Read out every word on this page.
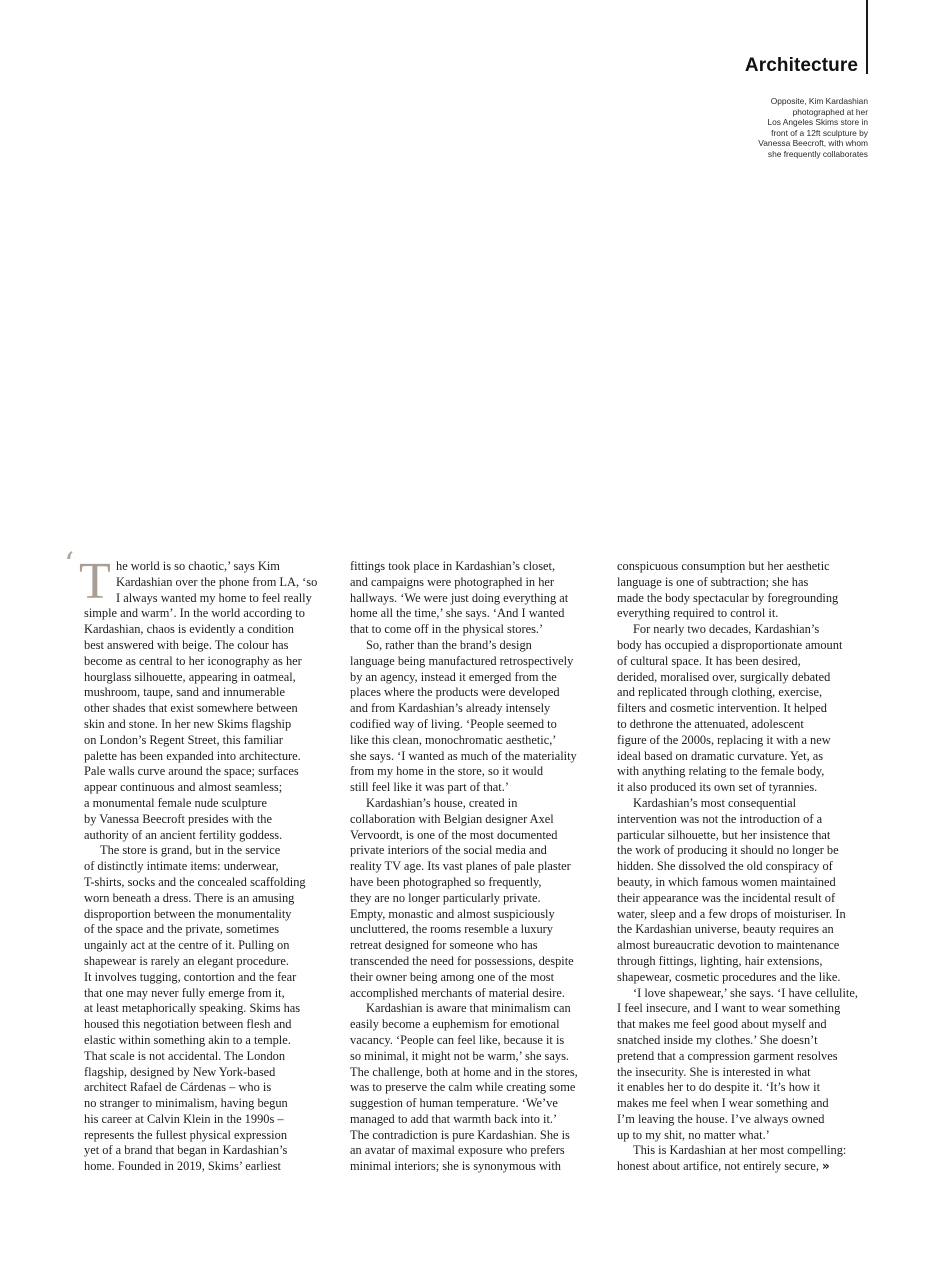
Architecture
Opposite, Kim Kardashian
photographed at her
Los Angeles Skims store in
front of a 12ft sculpture by
Vanessa Beecroft, with whom
she frequently collaborates
‘ T he world is so chaotic,’ says Kim
Kardashian over the phone from LA, ‘so
I always wanted my home to feel really
simple and warm’. In the world according to
Kardashian, chaos is evidently a condition
best answered with beige. The colour has
become as central to her iconography as her
hourglass silhouette, appearing in oatmeal,
mushroom, taupe, sand and innumerable
other shades that exist somewhere between
skin and stone. In her new Skims flagship
on London’s Regent Street, this familiar
palette has been expanded into architecture.
Pale walls curve around the space; surfaces
appear continuous and almost seamless;
a monumental female nude sculpture
by Vanessa Beecroft presides with the
authority of an ancient fertility goddess.
The store is grand, but in the service
of distinctly intimate items: underwear,
T-shirts, socks and the concealed scaffolding
worn beneath a dress. There is an amusing
disproportion between the monumentality
of the space and the private, sometimes
ungainly act at the centre of it. Pulling on
shapewear is rarely an elegant procedure.
It involves tugging, contortion and the fear
that one may never fully emerge from it,
at least metaphorically speaking. Skims has
housed this negotiation between flesh and
elastic within something akin to a temple.
That scale is not accidental. The London
flagship, designed by New York-based
architect Rafael de Cárdenas – who is
no stranger to minimalism, having begun
his career at Calvin Klein in the 1990s –
represents the fullest physical expression
yet of a brand that began in Kardashian’s
home. Founded in 2019, Skims’ earliest
fittings took place in Kardashian’s closet,
and campaigns were photographed in her
hallways. ‘We were just doing everything at
home all the time,’ she says. ‘And I wanted
that to come off in the physical stores.’
So, rather than the brand’s design
language being manufactured retrospectively
by an agency, instead it emerged from the
places where the products were developed
and from Kardashian’s already intensely
codified way of living. ‘People seemed to
like this clean, monochromatic aesthetic,’
she says. ‘I wanted as much of the materiality
from my home in the store, so it would
still feel like it was part of that.’
Kardashian’s house, created in
collaboration with Belgian designer Axel
Vervoordt, is one of the most documented
private interiors of the social media and
reality TV age. Its vast planes of pale plaster
have been photographed so frequently,
they are no longer particularly private.
Empty, monastic and almost suspiciously
uncluttered, the rooms resemble a luxury
retreat designed for someone who has
transcended the need for possessions, despite
their owner being among one of the most
accomplished merchants of material desire.
Kardashian is aware that minimalism can
easily become a euphemism for emotional
vacancy. ‘People can feel like, because it is
so minimal, it might not be warm,’ she says.
The challenge, both at home and in the stores,
was to preserve the calm while creating some
suggestion of human temperature. ‘We’ve
managed to add that warmth back into it.’
The contradiction is pure Kardashian. She is
an avatar of maximal exposure who prefers
minimal interiors; she is synonymous with
conspicuous consumption but her aesthetic
language is one of subtraction; she has
made the body spectacular by foregrounding
everything required to control it.
For nearly two decades, Kardashian’s
body has occupied a disproportionate amount
of cultural space. It has been desired,
derided, moralised over, surgically debated
and replicated through clothing, exercise,
filters and cosmetic intervention. It helped
to dethrone the attenuated, adolescent
figure of the 2000s, replacing it with a new
ideal based on dramatic curvature. Yet, as
with anything relating to the female body,
it also produced its own set of tyrannies.
Kardashian’s most consequential
intervention was not the introduction of a
particular silhouette, but her insistence that
the work of producing it should no longer be
hidden. She dissolved the old conspiracy of
beauty, in which famous women maintained
their appearance was the incidental result of
water, sleep and a few drops of moisturiser. In
the Kardashian universe, beauty requires an
almost bureaucratic devotion to maintenance
through fittings, lighting, hair extensions,
shapewear, cosmetic procedures and the like.
‘I love shapewear,’ she says. ‘I have cellulite,
I feel insecure, and I want to wear something
that makes me feel good about myself and
snatched inside my clothes.’ She doesn’t
pretend that a compression garment resolves
the insecurity. She is interested in what
it enables her to do despite it. ‘It’s how it
makes me feel when I wear something and
I’m leaving the house. I’ve always owned
up to my shit, no matter what.’
This is Kardashian at her most compelling:
honest about artifice, not entirely secure, »
